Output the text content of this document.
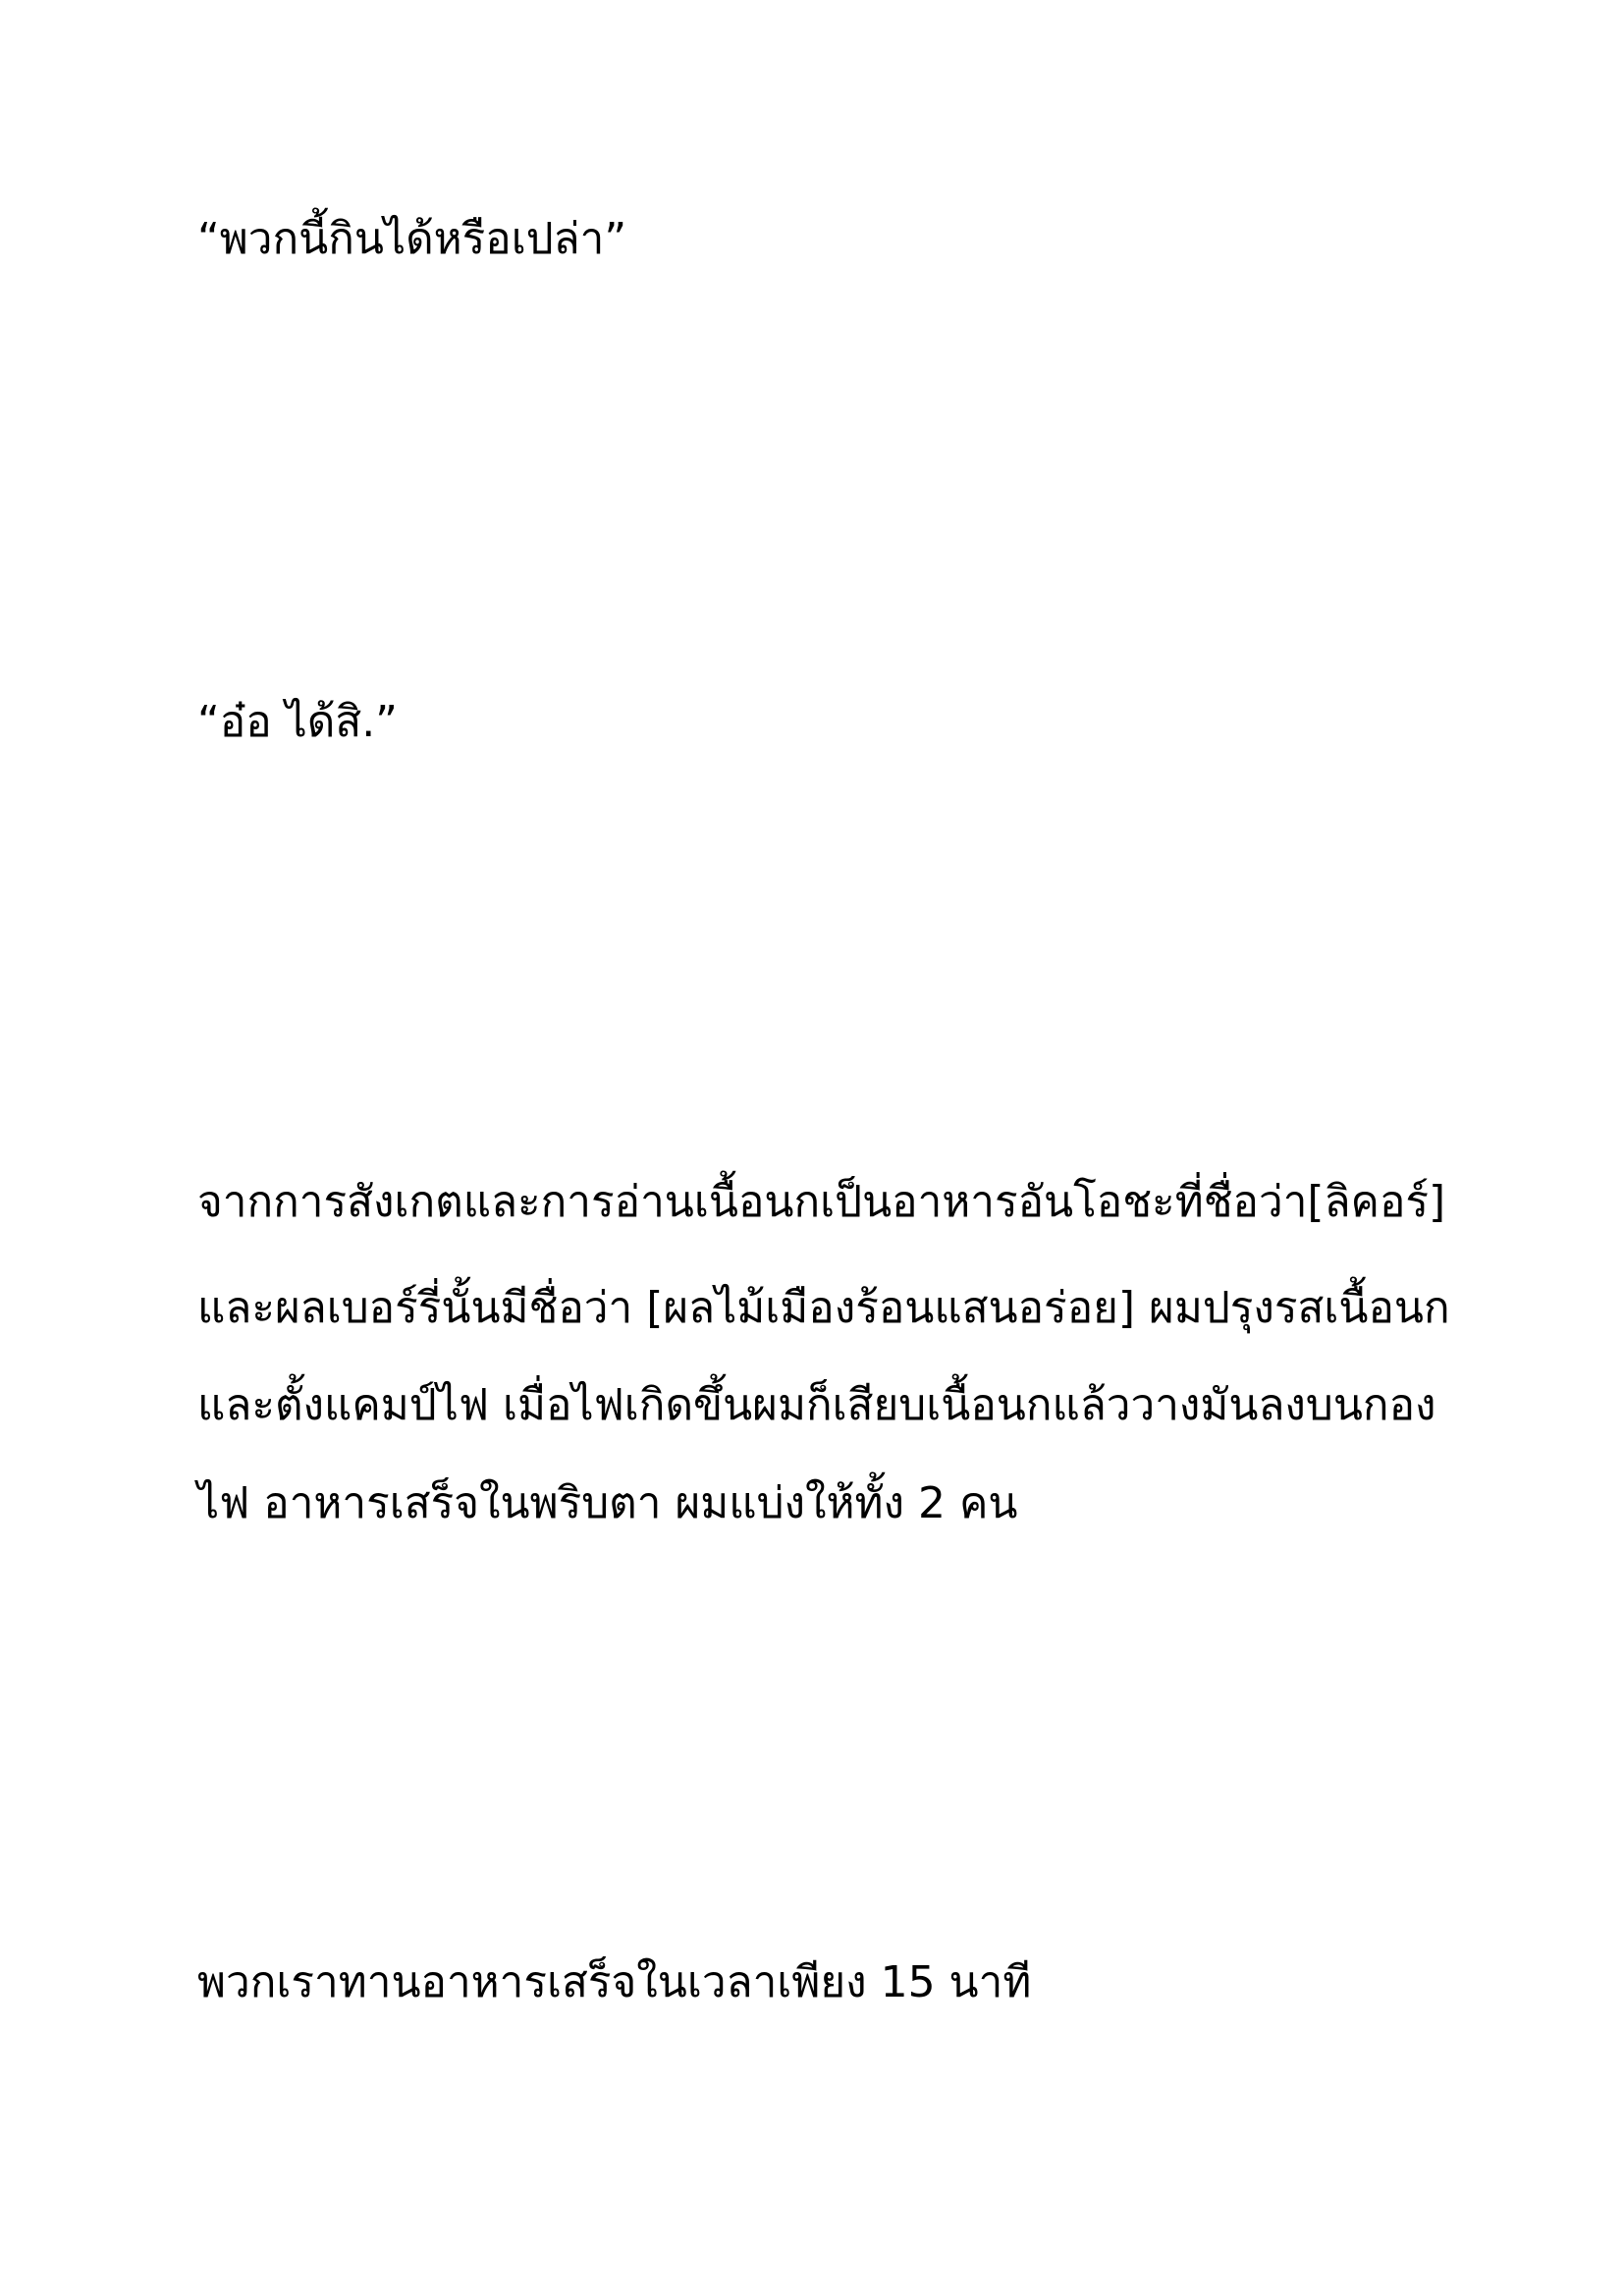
“พวกนี้กินได้หรือเปล่า”

“อ๋อ ได้สิ.”

จากการสังเกตและการอ่านเนื้อนกเป็นอาหารอันโอชะที่ชื่อว่า[ลิคอร์]

และผลเบอร์รี่นั้นมีชื่อว่า [ผลไม้เมืองร้อนแสนอร่อย] ผมปรุงรสเนื้อนก

และตั้งแคมป์ไฟ เมื่อไฟเกิดขึ้นผมก็เสียบเนื้อนกแล้ววางมันลงบนกอง

ไฟ อาหารเสร็จในพริบตา ผมแบ่งให้ทั้ง 2 คน

พวกเราทานอาหารเสร็จในเวลาเพียง 15 นาที
